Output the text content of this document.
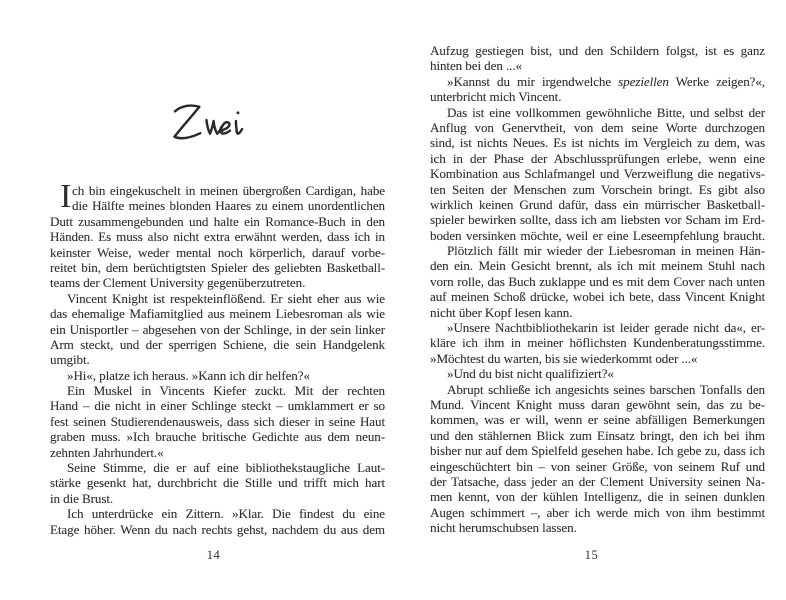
I ch bin eingekuschelt in meinen übergroßen Cardigan, habe
die Hälfte meines blonden Haares zu einem unordentlichen
Dutt zusammengebunden und halte ein Romance-Buch in den
Händen. Es muss also nicht extra erwähnt werden, dass ich in
keinster Weise, weder mental noch körperlich, darauf vorbe-
reitet bin, dem berüchtigtsten Spieler des geliebten Basketball-
teams der Clement University gegenüberzutreten.
Vincent Knight ist respekteinflößend. Er sieht eher aus wie
das ehemalige Mafiamitglied aus meinem Liebesroman als wie
ein Unisportler – abgesehen von der Schlinge, in der sein linker
Arm steckt, und der sperrigen Schiene, die sein Handgelenk
umgibt.
»Hi«, platze ich heraus. »Kann ich dir helfen?«
Ein Muskel in Vincents Kiefer zuckt. Mit der rechten
Hand – die nicht in einer Schlinge steckt – umklammert er so
fest seinen Studierendenausweis, dass sich dieser in seine Haut
graben muss. »Ich brauche britische Gedichte aus dem neun-
zehnten Jahrhundert.«
Seine Stimme, die er auf eine bibliothekstaugliche Laut-
stärke gesenkt hat, durchbricht die Stille und trifft mich hart
in die Brust.
Ich unterdrücke ein Zittern. »Klar. Die findest du eine
Etage höher. Wenn du nach rechts gehst, nachdem du aus dem
14
Aufzug gestiegen bist, und den Schildern folgst, ist es ganz
hinten bei den ...«
»Kannst du mir irgendwelche speziellen Werke zeigen?«,
unterbricht mich Vincent.
Das ist eine vollkommen gewöhnliche Bitte, und selbst der
Anflug von Genervtheit, von dem seine Worte durchzogen
sind, ist nichts Neues. Es ist nichts im Vergleich zu dem, was
ich in der Phase der Abschlussprüfungen erlebe, wenn eine
Kombination aus Schlafmangel und Verzweiflung die negativs-
ten Seiten der Menschen zum Vorschein bringt. Es gibt also
wirklich keinen Grund dafür, dass ein mürrischer Basketball-
spieler bewirken sollte, dass ich am liebsten vor Scham im Erd-
boden versinken möchte, weil er eine Leseempfehlung braucht.
Plötzlich fällt mir wieder der Liebesroman in meinen Hän-
den ein. Mein Gesicht brennt, als ich mit meinem Stuhl nach
vorn rolle, das Buch zuklappe und es mit dem Cover nach unten
auf meinen Schoß drücke, wobei ich bete, dass Vincent Knight
nicht über Kopf lesen kann.
»Unsere Nachtbibliothekarin ist leider gerade nicht da«, er-
kläre ich ihm in meiner höflichsten Kundenberatungsstimme.
»Möchtest du warten, bis sie wiederkommt oder ...«
»Und du bist nicht qualifiziert?«
Abrupt schließe ich angesichts seines barschen Tonfalls den
Mund. Vincent Knight muss daran gewöhnt sein, das zu be-
kommen, was er will, wenn er seine abfälligen Bemerkungen
und den stählernen Blick zum Einsatz bringt, den ich bei ihm
bisher nur auf dem Spielfeld gesehen habe. Ich gebe zu, dass ich
eingeschüchtert bin – von seiner Größe, von seinem Ruf und
der Tatsache, dass jeder an der Clement University seinen Na-
men kennt, von der kühlen Intelligenz, die in seinen dunklen
Augen schimmert –, aber ich werde mich von ihm bestimmt
nicht herumschubsen lassen.
15
